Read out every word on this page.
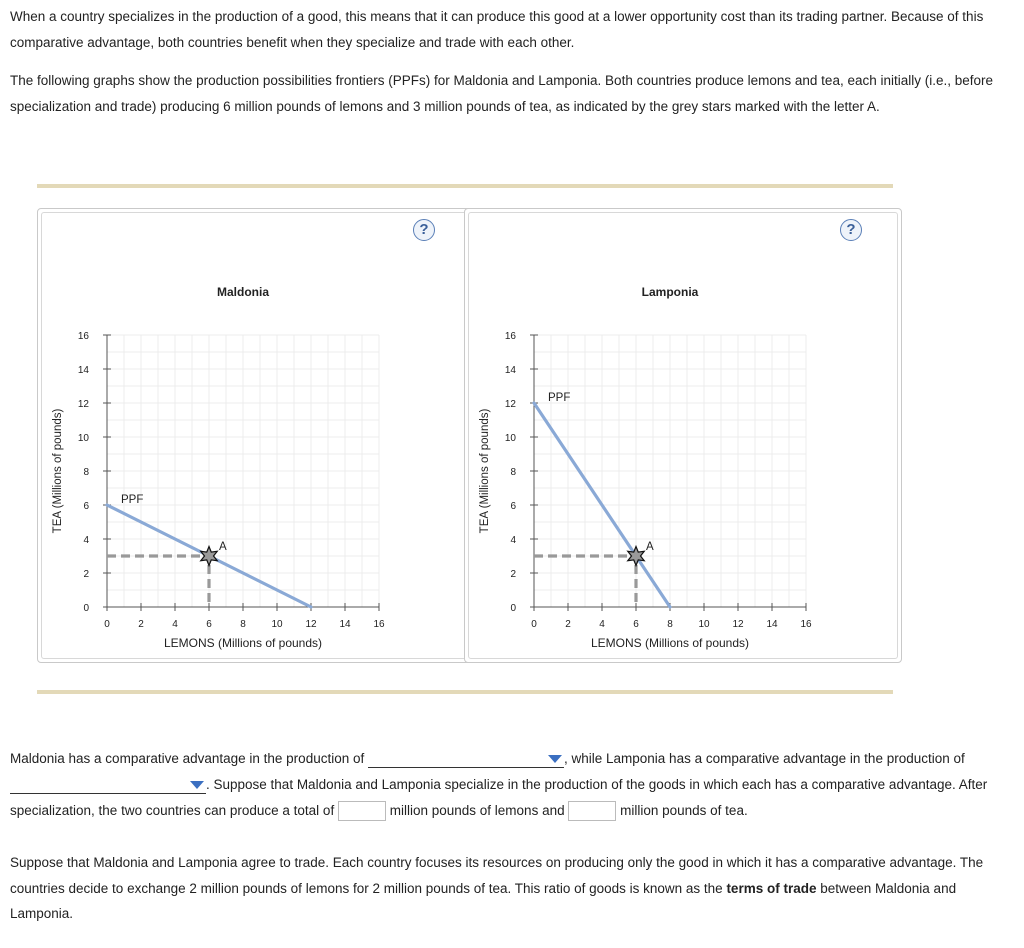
When a country specializes in the production of a good, this means that it can produce this good at a lower opportunity cost than its trading partner. Because of this comparative advantage, both countries benefit when they specialize and trade with each other.
The following graphs show the production possibilities frontiers (PPFs) for Maldonia and Lamponia. Both countries produce lemons and tea, each initially (i.e., before specialization and trade) producing 6 million pounds of lemons and 3 million pounds of tea, as indicated by the grey stars marked with the letter A.
?
0	2	4	6	8	10 12 14 16
0
2
4
6
8
10
12
14
16
Maldonia
LEMONS (Millions of pounds)
TEA (Millions of pounds)	PPF
A
?
0	2	4	6	8	10 12 14 16
0
2
4
6
8
10
12
14
16
Lamponia
LEMONS (Millions of pounds)
TEA (Millions of pounds)
PPF
A
Maldonia has a comparative advantage in the production of	, while Lamponia has a comparative advantage in the production of
. Suppose that Maldonia and Lamponia specialize in the production of the goods in which each has a comparative advantage. After specialization, the two countries can produce a total of	million pounds of lemons and	million pounds of tea.
Suppose that Maldonia and Lamponia agree to trade. Each country focuses its resources on producing only the good in which it has a comparative advantage. The countries decide to exchange 2 million pounds of lemons for 2 million pounds of tea. This ratio of goods is known as the terms of trade between Maldonia and Lamponia.
